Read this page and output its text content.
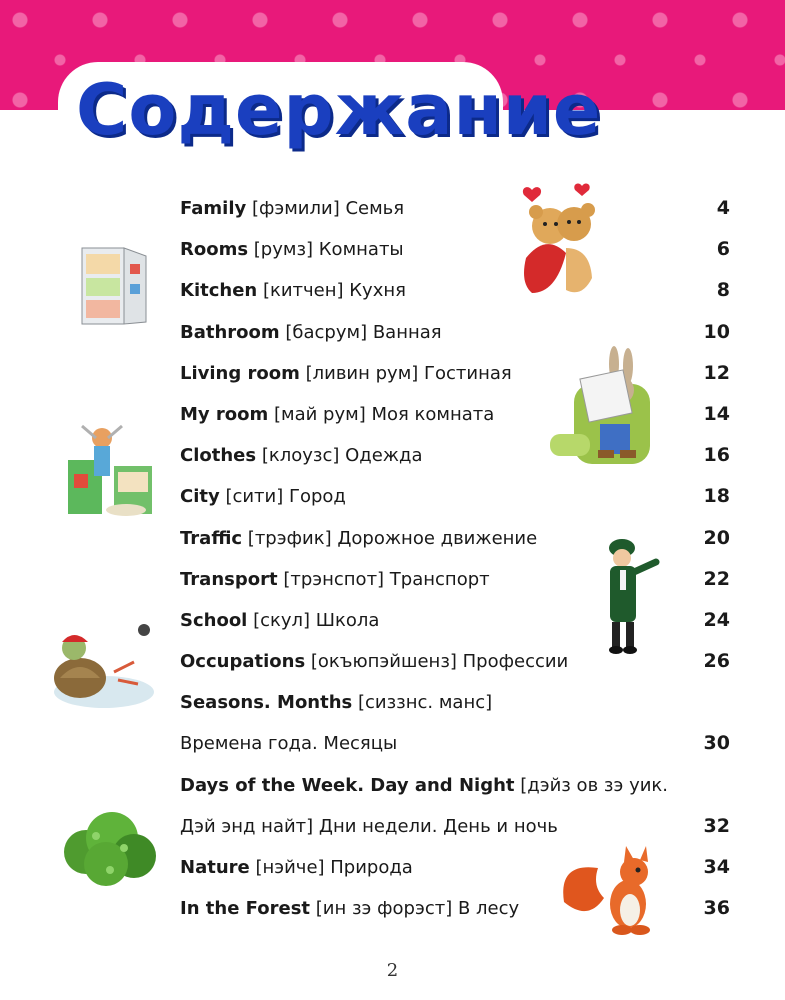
Содержание
Family [фэмили] Семья	4
Rooms [румз] Комнаты	6
Kitchen [китчен] Кухня	8
Bathroom [басрум] Ванная	10
Living room [ливин рум] Гостиная	12
My room [май рум] Моя комната	14
Clothes [клоузс] Одежда	16
City [сити] Город	18
Traffic [трэфик] Дорожное движение	20
Transport [трэнспот] Транспорт	22
School [скул] Школа	24
Occupations [окъюпэйшенз] Профессии	26
Seasons. Months [сиззнс. манс]
Времена года. Месяцы	30
Days of the Week. Day and Night [дэйз ов зэ уик.
Дэй энд найт] Дни недели. День и ночь	32
Nature [нэйче] Природа	34
In the Forest [ин зэ форэст] В лесу	36
2
